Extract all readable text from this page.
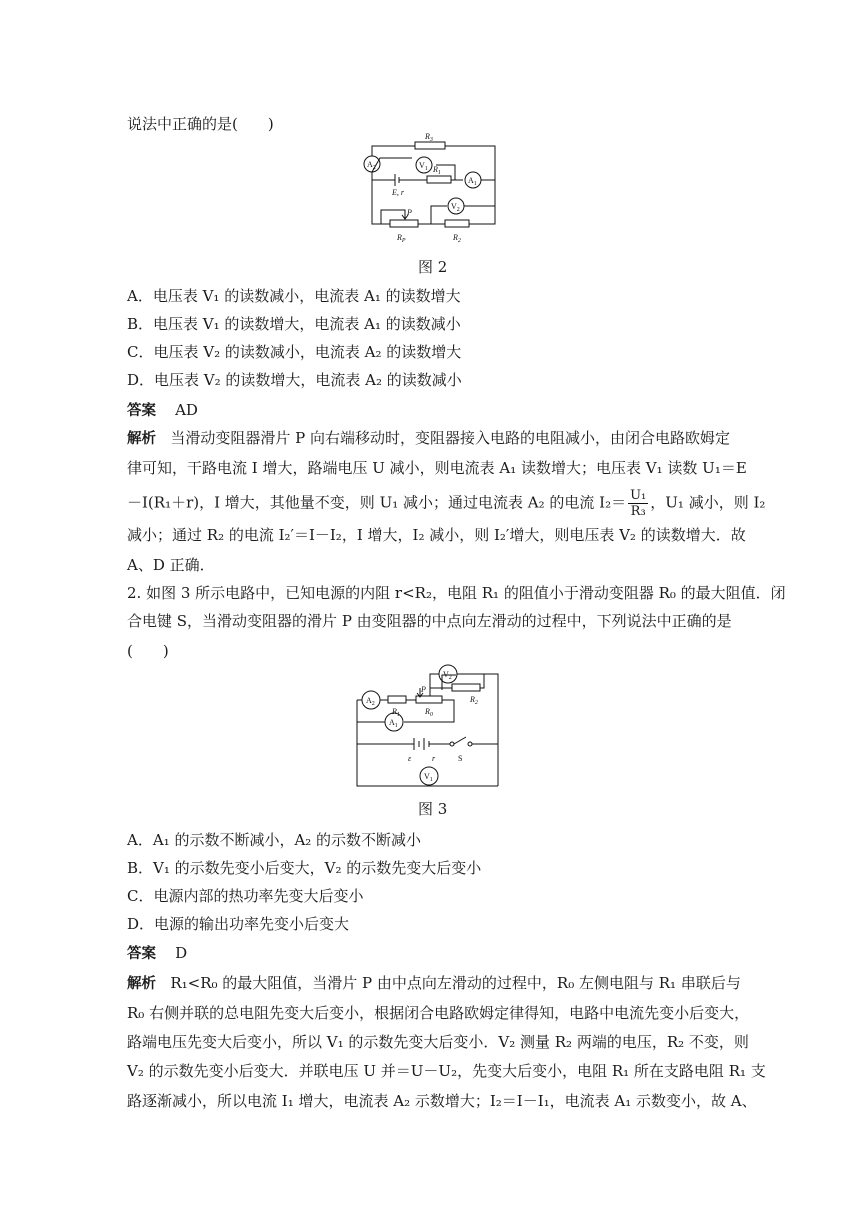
说法中正确的是(　　)
$R_3$
$A_2$	$V_1$
E, r
$R_1$
$A_1$
$V_2$
P
$R_P$	$R_2$
图 2
A．电压表 V₁ 的读数减小，电流表 A₁ 的读数增大
B．电压表 V₁ 的读数增大，电流表 A₁ 的读数减小
C．电压表 V₂ 的读数减小，电流表 A₂ 的读数增大
D．电压表 V₂ 的读数增大，电流表 A₂ 的读数减小
答案 AD
解析 当滑动变阻器滑片 P 向右端移动时，变阻器接入电路的电阻减小，由闭合电路欧姆定
律可知，干路电流 I 增大，路端电压 U 减小，则电流表 A₁ 读数增大；电压表 V₁ 读数 U₁＝E
－I(R₁＋r)，I 增大，其他量不变，则 U₁ 减小；通过电流表 A₂ 的电流 $I_2= \frac{\text{U₁}}{\text{R₃}}$ ，U₁ 减小，则 I₂
减小；通过 R₂ 的电流 I₂′＝I－I₂，I 增大，I₂ 减小，则 I₂′增大，则电压表 V₂ 的读数增大．故
A、D 正确．
2. 如图 3 所示电路中，已知电源的内阻 r<R₂，电阻 R₁ 的阻值小于滑动变阻器 R₀ 的最大阻值．闭
合电键 S，当滑动变阻器的滑片 P 由变阻器的中点向左滑动的过程中，下列说法中正确的是
(　　)
$V_2$
$A_2$
P
$R_1$	$R_0$
$R_2$
$A_1$
ε	r	S
$V_1$
图 3
A．A₁ 的示数不断减小，A₂ 的示数不断减小
B．V₁ 的示数先变小后变大，V₂ 的示数先变大后变小
C．电源内部的热功率先变大后变小
D．电源的输出功率先变小后变大
答案 D
解析 R₁<R₀ 的最大阻值，当滑片 P 由中点向左滑动的过程中，R₀ 左侧电阻与 R₁ 串联后与
R₀ 右侧并联的总电阻先变大后变小，根据闭合电路欧姆定律得知，电路中电流先变小后变大，
路端电压先变大后变小，所以 V₁ 的示数先变大后变小．V₂ 测量 R₂ 两端的电压，R₂ 不变，则
V₂ 的示数先变小后变大．并联电压 U 并＝U－U₂，先变大后变小，电阻 R₁ 所在支路电阻 R₁ 支
路逐渐减小，所以电流 I₁ 增大，电流表 A₂ 示数增大；I₂＝I－I₁，电流表 A₁ 示数变小，故 A、
